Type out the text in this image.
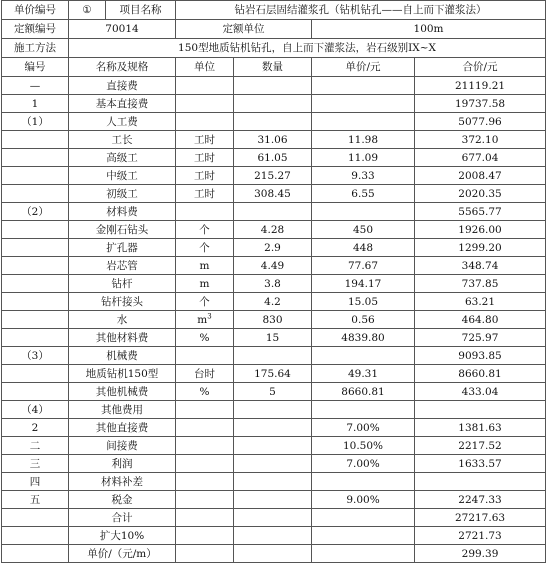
单价编号	①	项目名称	钻岩石层固结灌浆孔（钻机钻孔——自上而下灌浆法）			
定额编号	70014		定额单位		100m	
施工方法	150型地质钻机钻孔，自上而下灌浆法，岩石级别IX~X					
编号	名称及规格		单位	数量	单价/元	合价/元
—	直接费					21119.21
1	基本直接费					19737.58
（1）	人工费					5077.96
	工长		工时	31.06	11.98	372.10
	高级工		工时	61.05	11.09	677.04
	中级工		工时	215.27	9.33	2008.47
	初级工		工时	308.45	6.55	2020.35
（2）	材料费					5565.77
	金刚石钻头		个	4.28	450	1926.00
	扩孔器		个	2.9	448	1299.20
	岩芯管		m	4.49	77.67	348.74
	钻杆		m	3.8	194.17	737.85
	钻杆接头		个	4.2	15.05	63.21
	水		$m^3$	830	0.56	464.80
	其他材料费		%	15	4839.80	725.97
（3）	机械费					9093.85
	地质钻机150型		台时	175.64	49.31	8660.81
	其他机械费		%	5	8660.81	433.04
（4）	其他费用					
2	其他直接费				7.00%	1381.63
二	间接费				10.50%	2217.52
三	利润				7.00%	1633.57
四	材料补差					
五	税金				9.00%	2247.33
	合计					27217.63
	扩大10%					2721.73
	单价/（元/m）					299.39
